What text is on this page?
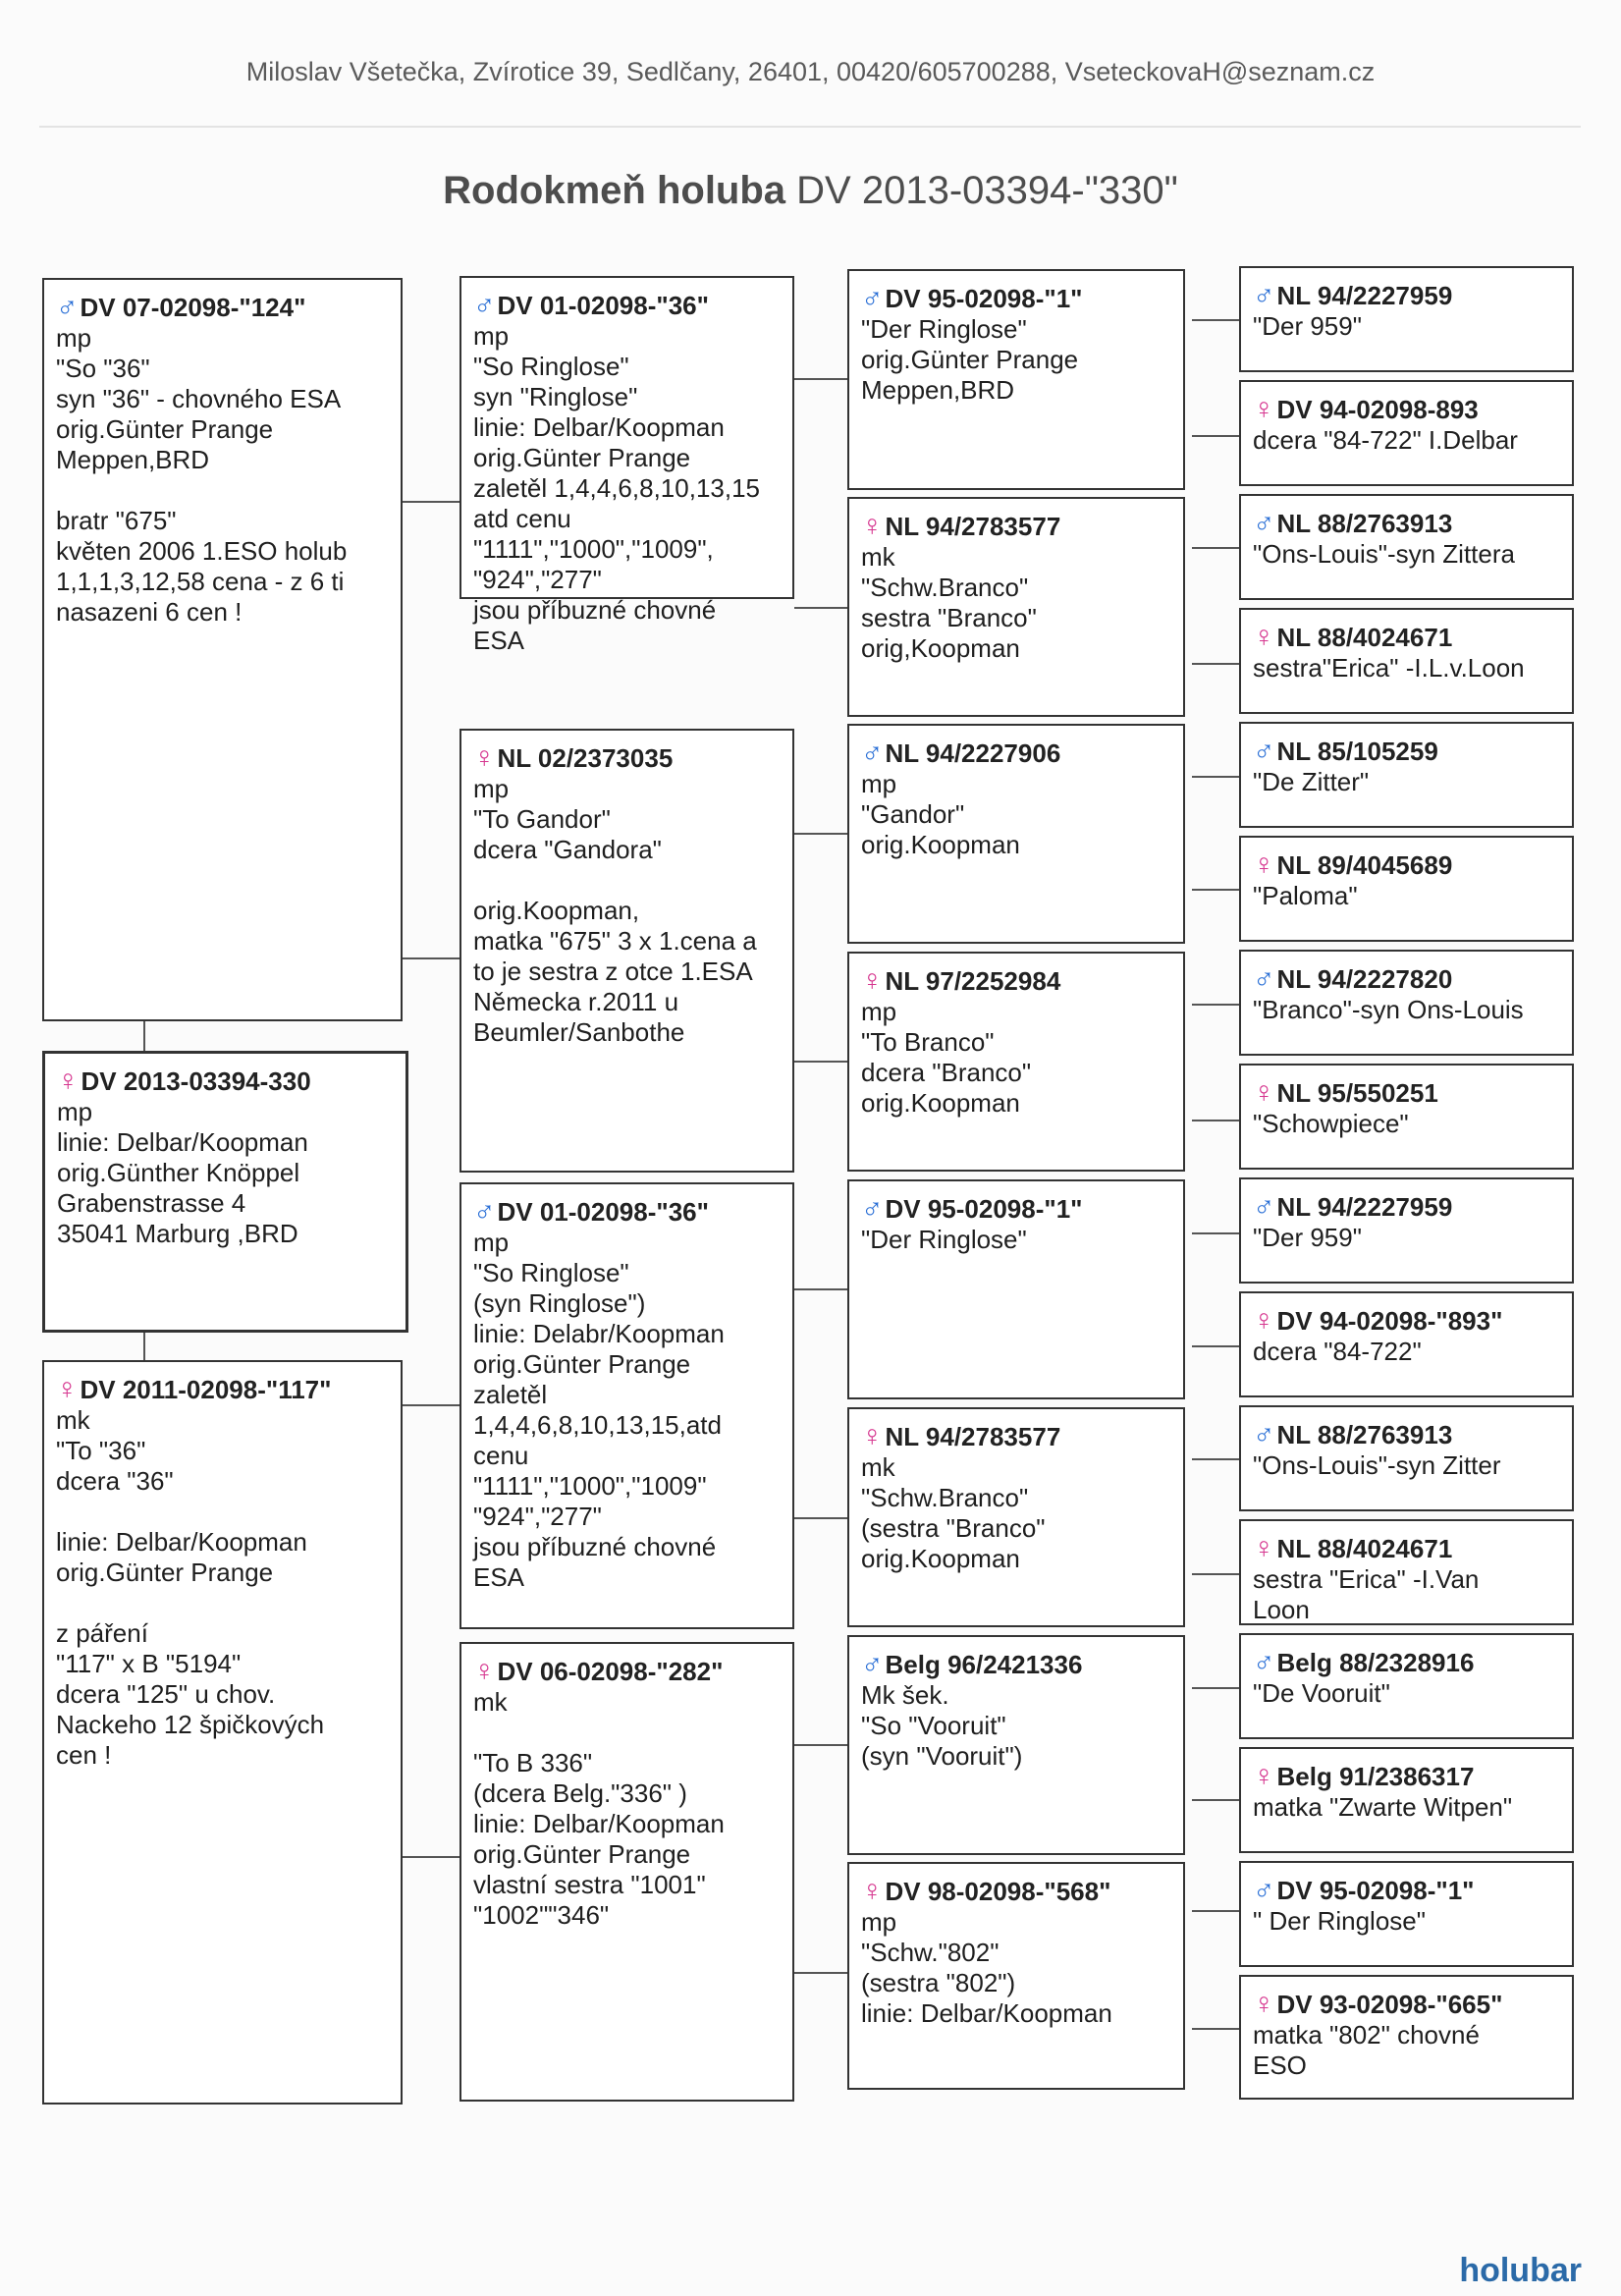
Miloslav Všetečka, Zvírotice 39, Sedlčany, 26401, 00420/605700288, VseteckovaH@seznam.cz
Rodokmeň holuba DV 2013-03394-"330"
♀DV 2013-03394-330
mp
linie: Delbar/Koopman
orig.Günther Knöppel
Grabenstrasse 4
35041 Marburg ,BRD
♂DV 07-02098-"124"
mp
"So "36"
syn "36" - chovného ESA
orig.Günter Prange
Meppen,BRD
bratr "675"
květen 2006 1.ESO holub
1,1,1,3,12,58 cena - z 6 ti
nasazeni 6 cen !
♀DV 2011-02098-"117"
mk
"To "36"
dcera "36"
linie: Delbar/Koopman
orig.Günter Prange
z páření
"117" x B "5194"
dcera "125" u chov.
Nackeho 12 špičkových
cen !
♂DV 01-02098-"36"
mp
"So Ringlose"
syn "Ringlose"
linie: Delbar/Koopman
orig.Günter Prange
zaletěl 1,4,4,6,8,10,13,15
atd cenu
"1111","1000","1009",
"924","277"
jsou příbuzné chovné
ESA
♀NL 02/2373035
mp
"To Gandor"
dcera "Gandora"
orig.Koopman,
matka "675" 3 x 1.cena a
to je sestra z otce 1.ESA
Německa r.2011 u
Beumler/Sanbothe
♂DV 01-02098-"36"
mp
"So Ringlose"
(syn Ringlose")
linie: Delabr/Koopman
orig.Günter Prange
zaletěl
1,4,4,6,8,10,13,15,atd
cenu
"1111","1000","1009"
"924","277"
jsou příbuzné chovné
ESA
♀DV 06-02098-"282"
mk
"To B 336"
(dcera Belg."336" )
linie: Delbar/Koopman
orig.Günter Prange
vlastní sestra "1001"
"1002""346"
♂DV 95-02098-"1"
"Der Ringlose"
orig.Günter Prange
Meppen,BRD
♀NL 94/2783577
mk
"Schw.Branco"
sestra "Branco"
orig,Koopman
♂NL 94/2227906
mp
"Gandor"
orig.Koopman
♀NL 97/2252984
mp
"To Branco"
dcera "Branco"
orig.Koopman
♂DV 95-02098-"1"
"Der Ringlose"
♀NL 94/2783577
mk
"Schw.Branco"
(sestra "Branco"
orig.Koopman
♂Belg 96/2421336
Mk šek.
"So "Vooruit"
(syn "Vooruit")
♀DV 98-02098-"568"
mp
"Schw."802"
(sestra "802")
linie: Delbar/Koopman
♂NL 94/2227959
"Der 959"
♀DV 94-02098-893
dcera "84-722" I.Delbar
♂NL 88/2763913
"Ons-Louis"-syn Zittera
♀NL 88/4024671
sestra"Erica" -I.L.v.Loon
♂NL 85/105259
"De Zitter"
♀NL 89/4045689
"Paloma"
♂NL 94/2227820
"Branco"-syn Ons-Louis
♀NL 95/550251
"Schowpiece"
♂NL 94/2227959
"Der 959"
♀DV 94-02098-"893"
dcera "84-722"
♂NL 88/2763913
"Ons-Louis"-syn Zitter
♀NL 88/4024671
sestra "Erica" -I.Van
Loon
♂Belg 88/2328916
"De Vooruit"
♀Belg 91/2386317
matka "Zwarte Witpen"
♂DV 95-02098-"1"
" Der Ringlose"
♀DV 93-02098-"665"
matka "802" chovné
ESO
holubar
